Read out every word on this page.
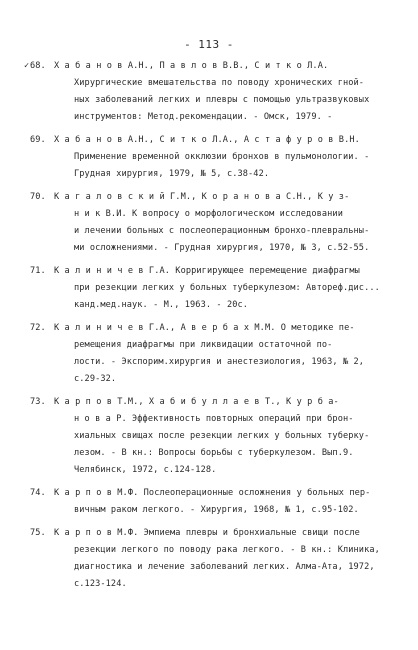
- 113 -
✓ 68. Х а б а н о в А.Н., П а в л о в В.В., С и т к о Л.А.
Хирургические вмешательства по поводу хронических гной-
ных заболеваний легких и плевры с помощью ультразвуковых
инструментов: Метод.рекомендации. - Омск, 1979. -
69. Х а б а н о в А.Н., С и т к о Л.А., А с т а ф у р о в В.Н.
Применение временной окклюзии бронхов в пульмонологии. -
Грудная хирургия, 1979, № 5, с.38-42.
70. К а г а л о в с к и й Г.М., К о р а н о в а С.Н., К у з-
н и к В.И. К вопросу о морфологическом исследовании
и лечении больных с послеоперационным бронхо-плевральны-
ми осложнениями. - Грудная хирургия, 1970, № 3, с.52-55.
71. К а л и н и ч е в Г.А. Корригирующее перемещение диафрагмы
при резекции легких у больных туберкулезом: Автореф.дис...
канд.мед.наук. - М., 1963. - 20с.
72. К а л и н и ч е в Г.А., А в е р б а х М.М. О методике пе-
ремещения диафрагмы при ликвидации остаточной по-
лости. - Экспорим.хирургия и анестезиология, 1963, № 2,
с.29-32.
73. К а р п о в Т.М., Х а б и б у л л а е в Т., К у р б а-
н о в а Р. Эффективность повторных операций при брон-
хиальных свищах после резекции легких у больных туберку-
лезом. - В кн.: Вопросы борьбы с туберкулезом. Вып.9.
Челябинск, 1972, с.124-128.
74. К а р п о в М.Ф. Послеоперационные осложнения у больных пер-
вичным раком легкого. - Хирургия, 1968, № 1, с.95-102.
75. К а р п о в М.Ф. Эмпиема плевры и бронхиальные свищи после
резекции легкого по поводу рака легкого. - В кн.: Клиника,
диагностика и лечение заболеваний легких. Алма-Ата, 1972,
с.123-124.
